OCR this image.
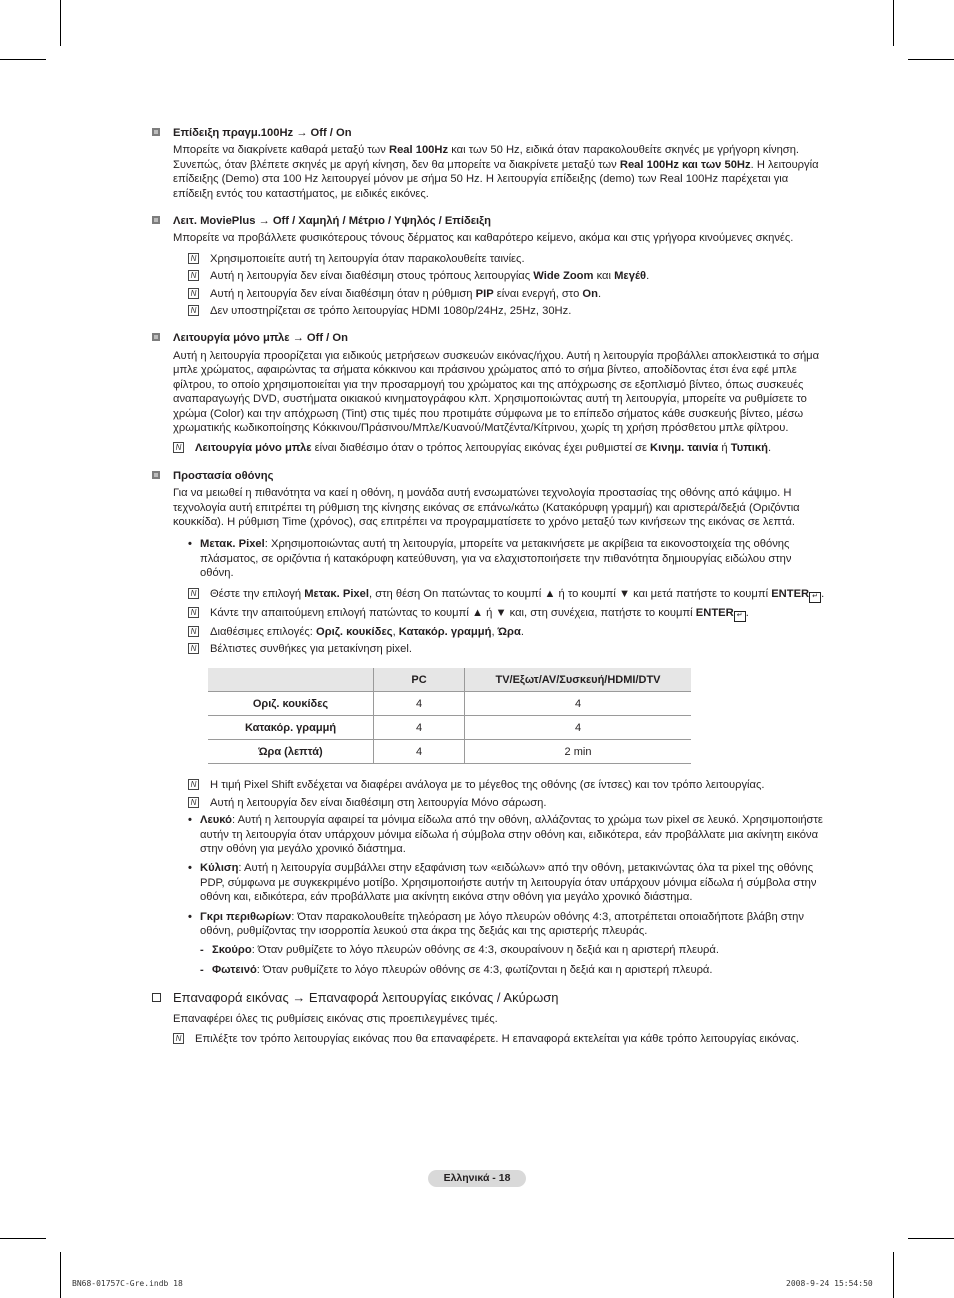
Επίδειξη πραγμ.100Hz → Off / On
Μπορείτε να διακρίνετε καθαρά μεταξύ των Real 100Hz και των 50 Hz, ειδικά όταν παρακολουθείτε σκηνές με γρήγορη κίνηση. Συνεπώς, όταν βλέπετε σκηνές με αργή κίνηση, δεν θα μπορείτε να διακρίνετε μεταξύ των Real 100Hz και των 50Hz. Η λειτουργία επίδειξης (Demo) στα 100 Hz λειτουργεί μόνον με σήμα 50 Hz. Η λειτουργία επίδειξης (demo) των Real 100Hz παρέχεται για επίδειξη εντός του καταστήματος, με ειδικές εικόνες.
Λειτ. MoviePlus → Off / Χαμηλή / Μέτριο / Υψηλός / Επίδειξη
Μπορείτε να προβάλλετε φυσικότερους τόνους δέρματος και καθαρότερο κείμενο, ακόμα και στις γρήγορα κινούμενες σκηνές.
N Χρησιμοποιείτε αυτή τη λειτουργία όταν παρακολουθείτε ταινίες.
N Αυτή η λειτουργία δεν είναι διαθέσιμη στους τρόπους λειτουργίας Wide Zoom και Μεγέθ.
N Αυτή η λειτουργία δεν είναι διαθέσιμη όταν η ρύθμιση PIP είναι ενεργή, στο On.
N Δεν υποστηρίζεται σε τρόπο λειτουργίας HDMI 1080p/24Hz, 25Hz, 30Hz.
Λειτουργία μόνο μπλε → Off / On
Αυτή η λειτουργία προορίζεται για ειδικούς μετρήσεων συσκευών εικόνας/ήχου. Αυτή η λειτουργία προβάλλει αποκλειστικά το σήμα μπλε χρώματος, αφαιρώντας τα σήματα κόκκινου και πράσινου χρώματος από το σήμα βίντεο, αποδίδοντας έτσι ένα εφέ μπλε φίλτρου, το οποίο χρησιμοποιείται για την προσαρμογή του χρώματος και της απόχρωσης σε εξοπλισμό βίντεο, όπως συσκευές αναπαραγωγής DVD, συστήματα οικιακού κινηματογράφου κλπ. Χρησιμοποιώντας αυτή τη λειτουργία, μπορείτε να ρυθμίσετε το χρώμα (Color) και την απόχρωση (Tint) στις τιμές που προτιμάτε σύμφωνα με το επίπεδο σήματος κάθε συσκευής βίντεο, μέσω χρωματικής κωδικοποίησης Κόκκινου/Πράσινου/Μπλε/Κυανού/Ματζέντα/Κίτρινου, χωρίς τη χρήση πρόσθετου μπλε φίλτρου.
N Λειτουργία μόνο μπλε είναι διαθέσιμο όταν ο τρόπος λειτουργίας εικόνας έχει ρυθμιστεί σε Κινημ. ταινία ή Τυπική.
Προστασία οθόνης
Για να μειωθεί η πιθανότητα να καεί η οθόνη, η μονάδα αυτή ενσωματώνει τεχνολογία προστασίας της οθόνης από κάψιμο. Η τεχνολογία αυτή επιτρέπει τη ρύθμιση της κίνησης εικόνας σε επάνω/κάτω (Κατακόρυφη γραμμή) και αριστερά/δεξιά (Οριζόντια κουκκίδα). Η ρύθμιση Time (χρόνος), σας επιτρέπει να προγραμματίσετε το χρόνο μεταξύ των κινήσεων της εικόνας σε λεπτά.
• Μετακ. Pixel: Χρησιμοποιώντας αυτή τη λειτουργία, μπορείτε να μετακινήσετε με ακρίβεια τα εικονοστοιχεία της οθόνης πλάσματος, σε οριζόντια ή κατακόρυφη κατεύθυνση, για να ελαχιστοποιήσετε την πιθανότητα δημιουργίας ειδώλου στην οθόνη.
N Θέστε την επιλογή Μετακ. Pixel, στη θέση On πατώντας το κουμπί ▲ ή το κουμπί ▼ και μετά πατήστε το κουμπί ENTER ↵ .
N Κάντε την απαιτούμενη επιλογή πατώντας το κουμπί ▲ ή ▼ και, στη συνέχεια, πατήστε το κουμπί ENTER ↵ .
N Διαθέσιμες επιλογές: Οριζ. κουκίδες, Κατακόρ. γραμμή, Ώρα.
N Βέλτιστες συνθήκες για μετακίνηση pixel.
	PC	TV/Εξωτ/AV/Συσκευή/HDMI/DTV
Οριζ. κουκίδες	4	4
Κατακόρ. γραμμή	4	4
Ώρα (λεπτά)	4	2 min
N Η τιμή Pixel Shift ενδέχεται να διαφέρει ανάλογα με το μέγεθος της οθόνης (σε ίντσες) και τον τρόπο λειτουργίας.
N Αυτή η λειτουργία δεν είναι διαθέσιμη στη λειτουργία Μόνο σάρωση.
• Λευκό: Αυτή η λειτουργία αφαιρεί τα μόνιμα είδωλα από την οθόνη, αλλάζοντας το χρώμα των pixel σε λευκό. Χρησιμοποιήστε αυτήν τη λειτουργία όταν υπάρχουν μόνιμα είδωλα ή σύμβολα στην οθόνη και, ειδικότερα, εάν προβάλλατε μια ακίνητη εικόνα στην οθόνη για μεγάλο χρονικό διάστημα.
• Κύλιση: Αυτή η λειτουργία συμβάλλει στην εξαφάνιση των «ειδώλων» από την οθόνη, μετακινώντας όλα τα pixel της οθόνης PDP, σύμφωνα με συγκεκριμένο μοτίβο. Χρησιμοποιήστε αυτήν τη λειτουργία όταν υπάρχουν μόνιμα είδωλα ή σύμβολα στην οθόνη και, ειδικότερα, εάν προβάλλατε μια ακίνητη εικόνα στην οθόνη για μεγάλο χρονικό διάστημα.
• Γκρι περιθωρίων: Όταν παρακολουθείτε τηλεόραση με λόγο πλευρών οθόνης 4:3, αποτρέπεται οποιαδήποτε βλάβη στην οθόνη, ρυθμίζοντας την ισορροπία λευκού στα άκρα της δεξιάς και της αριστερής πλευράς.
- Σκούρο: Όταν ρυθμίζετε το λόγο πλευρών οθόνης σε 4:3, σκουραίνουν η δεξιά και η αριστερή πλευρά.
- Φωτεινό: Όταν ρυθμίζετε το λόγο πλευρών οθόνης σε 4:3, φωτίζονται η δεξιά και η αριστερή πλευρά.
Επαναφορά εικόνας → Επαναφορά λειτουργίας εικόνας / Ακύρωση
Επαναφέρει όλες τις ρυθμίσεις εικόνας στις προεπιλεγμένες τιμές.
N Επιλέξτε τον τρόπο λειτουργίας εικόνας που θα επαναφέρετε. Η επαναφορά εκτελείται για κάθε τρόπο λειτουργίας εικόνας.
Ελληνικά - 18
BN68-01757C-Gre.indb 18	2008-9-24 15:54:50
